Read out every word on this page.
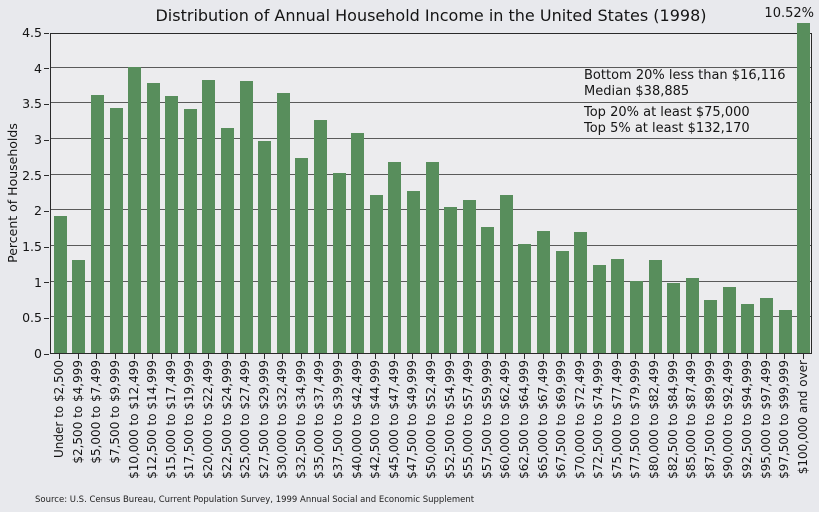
Distribution of Annual Household Income in the United States (1998)	10.52%
Percent of Households
Bottom 20% less than $16,116
Median $38,885
Top 20% at least $75,000
Top 5% at least $132,170
0
0.5
1
1.5
2
2.5
3
3.5
4
4.5
Under to $2,500 $2,500 to $4,999 $5,000 to $7,499 $7,500 to $9,999 $10,000 to $12,499 $12,500 to $14,999 $15,000 to $17,499 $17,500 to $19,999 $20,000 to $22,499 $22,500 to $24,999 $25,000 to $27,499 $27,500 to $29,999 $30,000 to $32,499 $32,500 to $34,999 $35,000 to $37,499 $37,500 to $39,999 $40,000 to $42,499 $42,500 to $44,999 $45,000 to $47,499 $47,500 to $49,999 $50,000 to $52,499 $52,500 to $54,999 $55,000 to $57,499 $57,500 to $59,999 $60,000 to $62,499 $62,500 to $64,999 $65,000 to $67,499 $67,500 to $69,999 $70,000 to $72,499 $72,500 to $74,999 $75,000 to $77,499 $77,500 to $79,999 $80,000 to $82,499 $82,500 to $84,999 $85,000 to $87,499 $87,500 to $89,999 $90,000 to $92,499 $92,500 to $94,999 $95,000 to $97,499 $97,500 to $99,999 $100,000 and over
Source: U.S. Census Bureau, Current Population Survey, 1999 Annual Social and Economic Supplement
